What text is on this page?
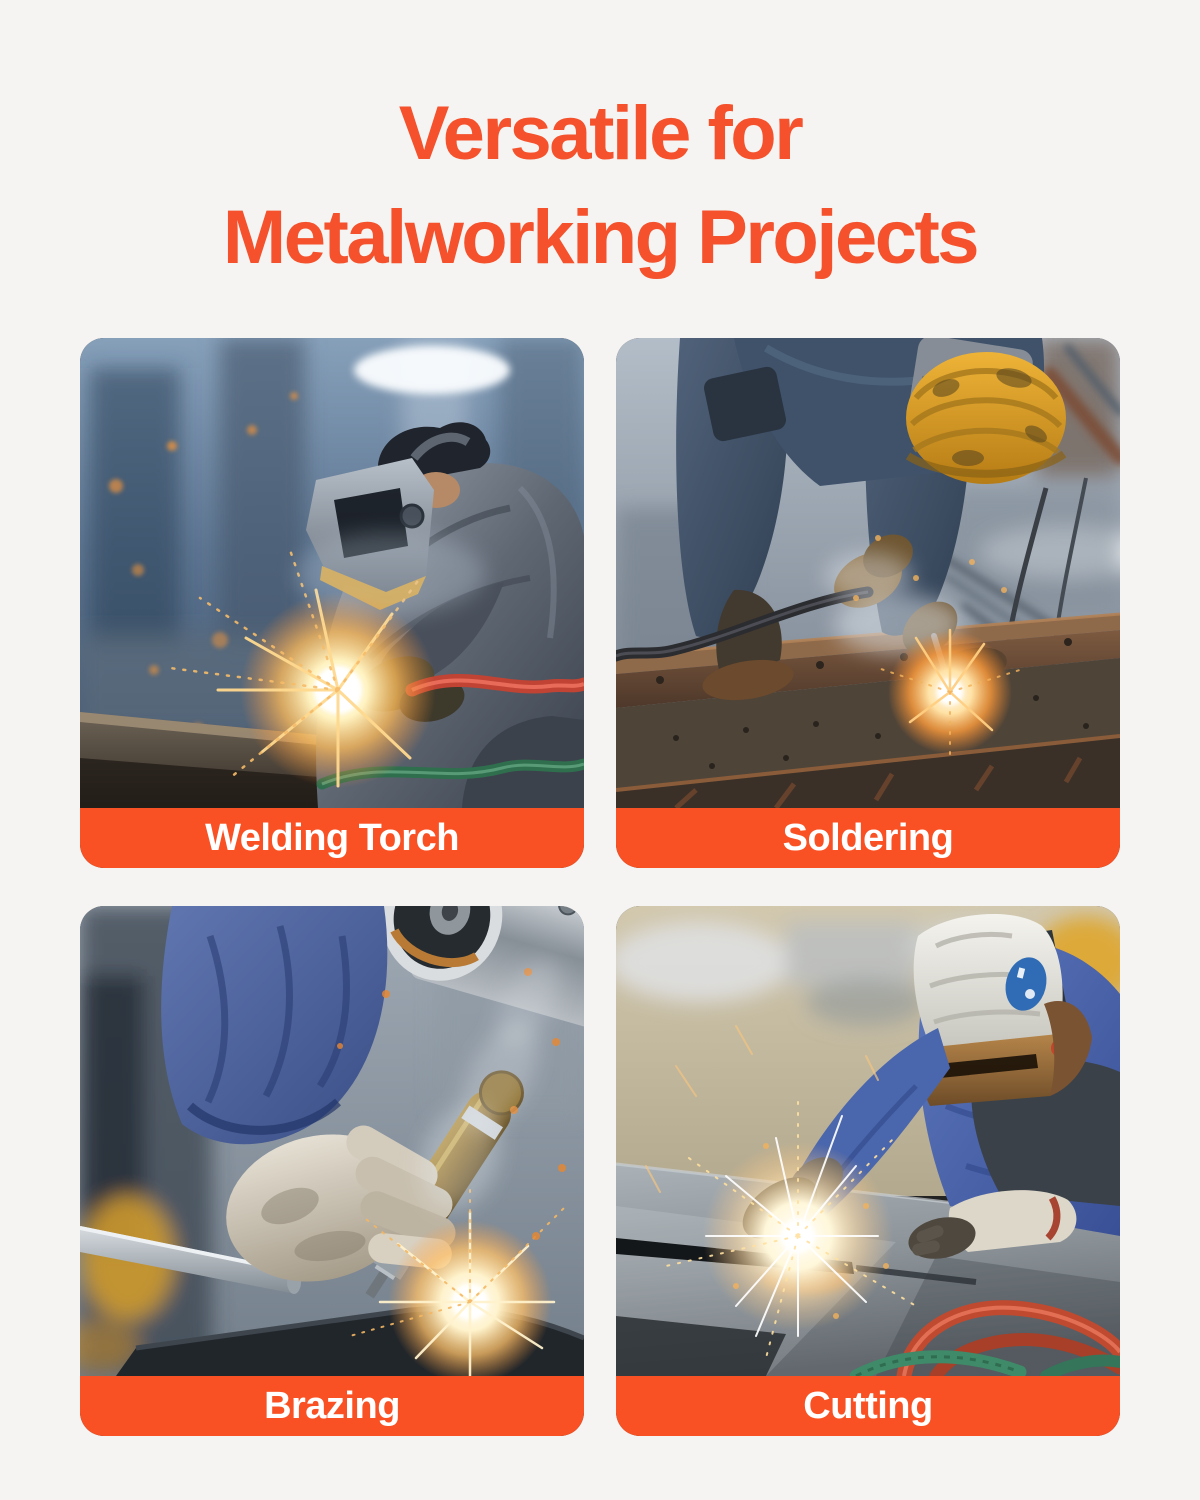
Versatile for
Metalworking Projects
Welding Torch	Soldering
Brazing	Cutting
